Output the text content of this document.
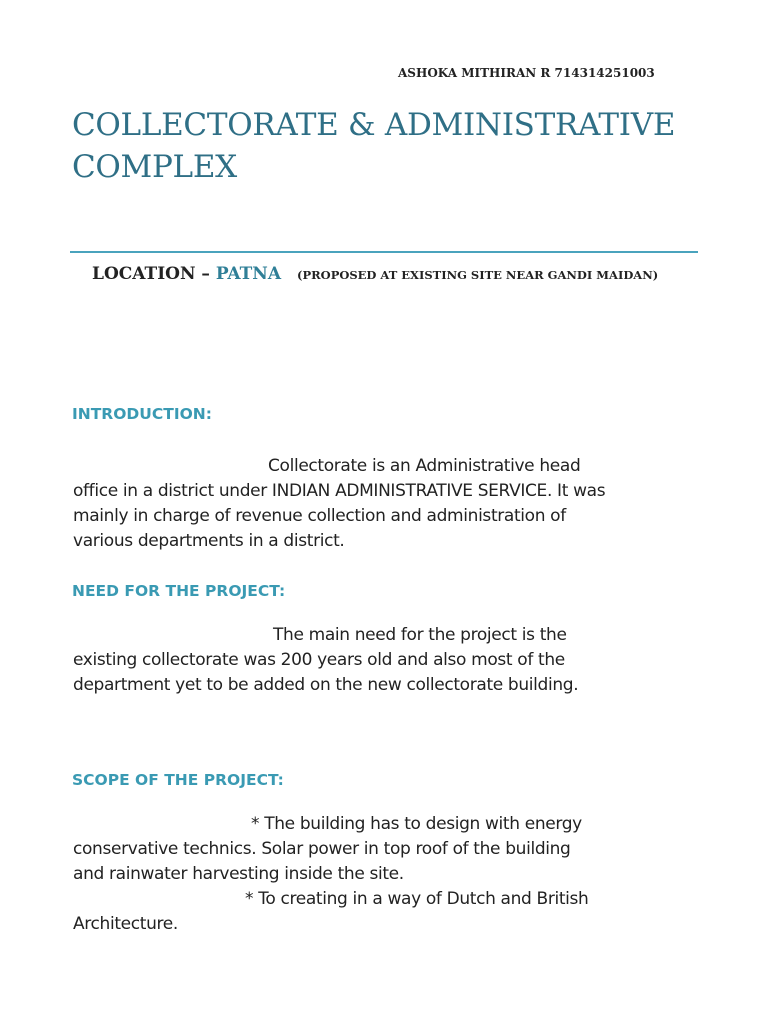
ASHOKA MITHIRAN R 714314251003
COLLECTORATE & ADMINISTRATIVE
COMPLEX
LOCATION – PATNA (PROPOSED AT EXISTING SITE NEAR GANDI MAIDAN)
INTRODUCTION:
Collectorate is an Administrative head
office in a district under INDIAN ADMINISTRATIVE SERVICE. It was
mainly in charge of revenue collection and administration of
various departments in a district.
NEED FOR THE PROJECT:
The main need for the project is the
existing collectorate was 200 years old and also most of the
department yet to be added on the new collectorate building.
SCOPE OF THE PROJECT:
* The building has to design with energy
conservative technics. Solar power in top roof of the building
and rainwater harvesting inside the site.
* To creating in a way of Dutch and British
Architecture.
